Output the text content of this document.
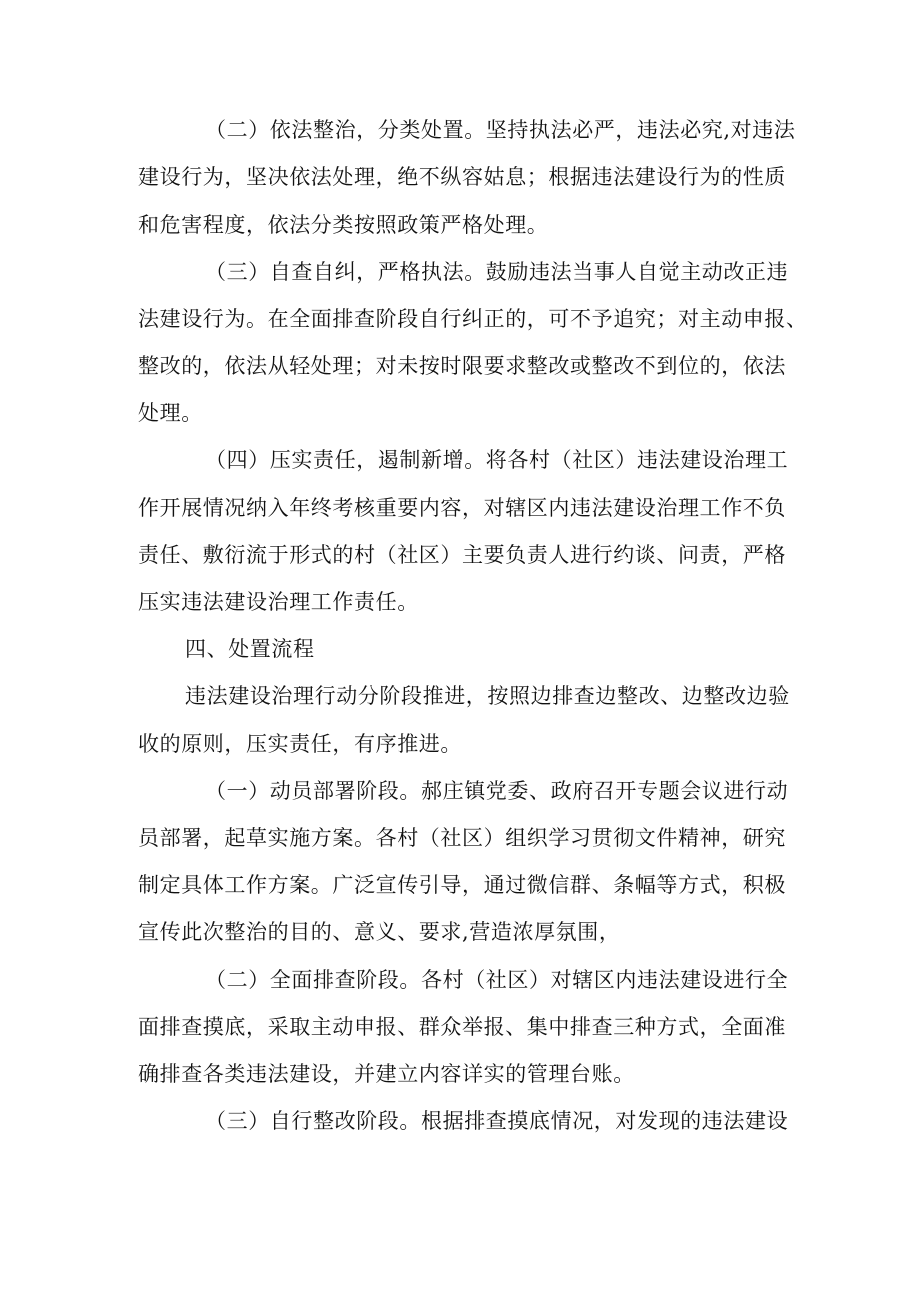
（二）依法整治，分类处置。坚持执法必严，违法必究,对违法
建设行为，坚决依法处理，绝不纵容姑息；根据违法建设行为的性质
和危害程度，依法分类按照政策严格处理。
（三）自查自纠，严格执法。鼓励违法当事人自觉主动改正违
法建设行为。在全面排查阶段自行纠正的，可不予追究；对主动申报、
整改的，依法从轻处理；对未按时限要求整改或整改不到位的，依法
处理。
（四）压实责任，遏制新增。将各村（社区）违法建设治理工
作开展情况纳入年终考核重要内容，对辖区内违法建设治理工作不负
责任、敷衍流于形式的村（社区）主要负责人进行约谈、问责，严格
压实违法建设治理工作责任。
四、处置流程
违法建设治理行动分阶段推进，按照边排查边整改、边整改边验
收的原则，压实责任，有序推进。
（一）动员部署阶段。郝庄镇党委、政府召开专题会议进行动
员部署，起草实施方案。各村（社区）组织学习贯彻文件精神，研究
制定具体工作方案。广泛宣传引导，通过微信群、条幅等方式，积极
宣传此次整治的目的、意义、要求,营造浓厚氛围，
（二）全面排查阶段。各村（社区）对辖区内违法建设进行全
面排查摸底，采取主动申报、群众举报、集中排查三种方式，全面准
确排查各类违法建设，并建立内容详实的管理台账。
（三）自行整改阶段。根据排查摸底情况，对发现的违法建设
